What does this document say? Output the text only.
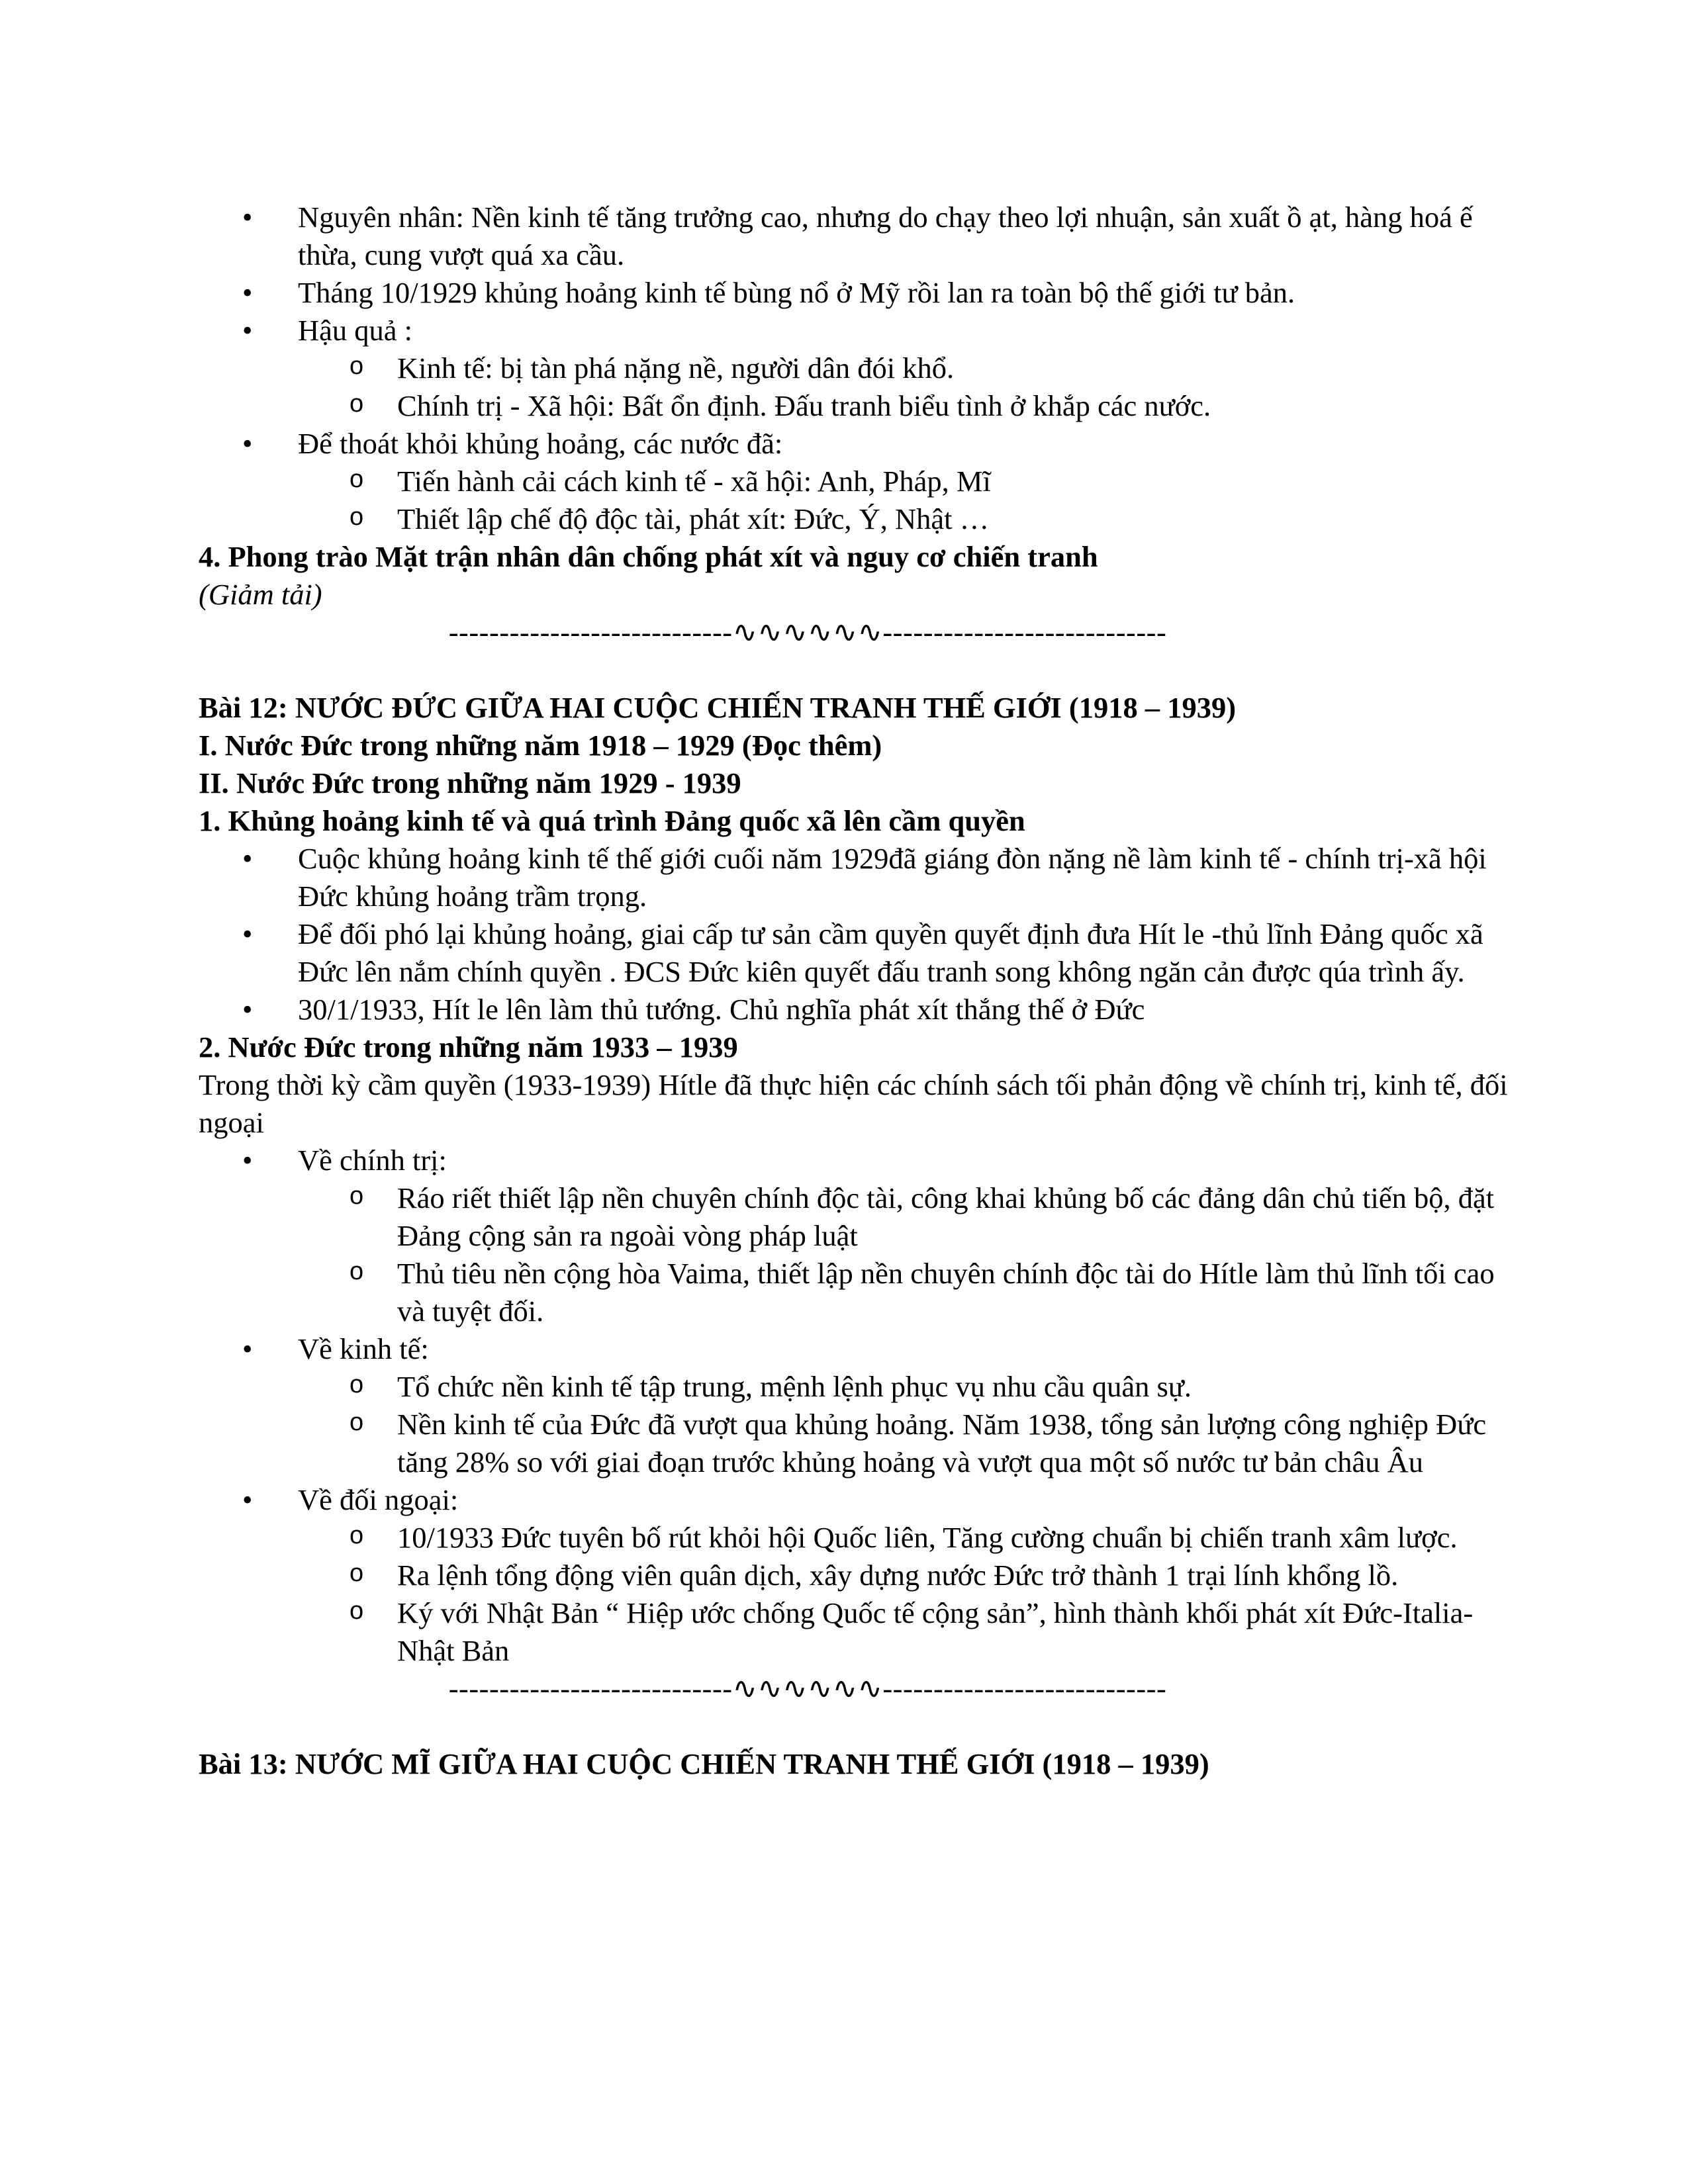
• Nguyên nhân: Nền kinh tế tăng trưởng cao, nhưng do chạy theo lợi nhuận, sản xuất ồ ạt, hàng hoá ế thừa, cung vượt quá xa cầu.
• Tháng 10/1929 khủng hoảng kinh tế bùng nổ ở Mỹ rồi lan ra toàn bộ thế giới tư bản.
• Hậu quả :
o Kinh tế: bị tàn phá nặng nề, người dân đói khổ.
o Chính trị - Xã hội: Bất ổn định. Đấu tranh biểu tình ở khắp các nước.
• Để thoát khỏi khủng hoảng, các nước đã:
o Tiến hành cải cách kinh tế - xã hội: Anh, Pháp, Mĩ
o Thiết lập chế độ độc tài, phát xít: Đức, Ý, Nhật …
4. Phong trào Mặt trận nhân dân chống phát xít và nguy cơ chiến tranh
(Giảm tải)
----------------------------∿∿∿∿∿∿----------------------------
Bài 12: NƯỚC ĐỨC GIỮA HAI CUỘC CHIẾN TRANH THẾ GIỚI (1918 – 1939)
I. Nước Đức trong những năm 1918 – 1929 (Đọc thêm)
II. Nước Đức trong những năm 1929 - 1939
1. Khủng hoảng kinh tế và quá trình Đảng quốc xã lên cầm quyền
• Cuộc khủng hoảng kinh tế thế giới cuối năm 1929đã giáng đòn nặng nề làm kinh tế - chính trị-xã hội Đức khủng hoảng trầm trọng.
• Để đối phó lại khủng hoảng, giai cấp tư sản cầm quyền quyết định đưa Hít le -thủ lĩnh Đảng quốc xã Đức lên nắm chính quyền . ĐCS Đức kiên quyết đấu tranh song không ngăn cản được qúa trình ấy.
• 30/1/1933, Hít le lên làm thủ tướng. Chủ nghĩa phát xít thắng thế ở Đức
2. Nước Đức trong những năm 1933 – 1939
Trong thời kỳ cầm quyền (1933-1939) Hítle đã thực hiện các chính sách tối phản động về chính trị, kinh tế, đối ngoại
• Về chính trị:
o Ráo riết thiết lập nền chuyên chính độc tài, công khai khủng bố các đảng dân chủ tiến bộ, đặt Đảng cộng sản ra ngoài vòng pháp luật
o Thủ tiêu nền cộng hòa Vaima, thiết lập nền chuyên chính độc tài do Hítle làm thủ lĩnh tối cao và tuyệt đối.
• Về kinh tế:
o Tổ chức nền kinh tế tập trung, mệnh lệnh phục vụ nhu cầu quân sự.
o Nền kinh tế của Đức đã vượt qua khủng hoảng. Năm 1938, tổng sản lượng công nghiệp Đức tăng 28% so với giai đoạn trước khủng hoảng và vượt qua một số nước tư bản châu Âu
• Về đối ngoại:
o 10/1933 Đức tuyên bố rút khỏi hội Quốc liên, Tăng cường chuẩn bị chiến tranh xâm lược.
o Ra lệnh tổng động viên quân dịch, xây dựng nước Đức trở thành 1 trại lính khổng lồ.
o Ký với Nhật Bản “ Hiệp ước chống Quốc tế cộng sản”, hình thành khối phát xít Đức-Italia-Nhật Bản
----------------------------∿∿∿∿∿∿----------------------------
Bài 13: NƯỚC MĨ GIỮA HAI CUỘC CHIẾN TRANH THẾ GIỚI (1918 – 1939)
